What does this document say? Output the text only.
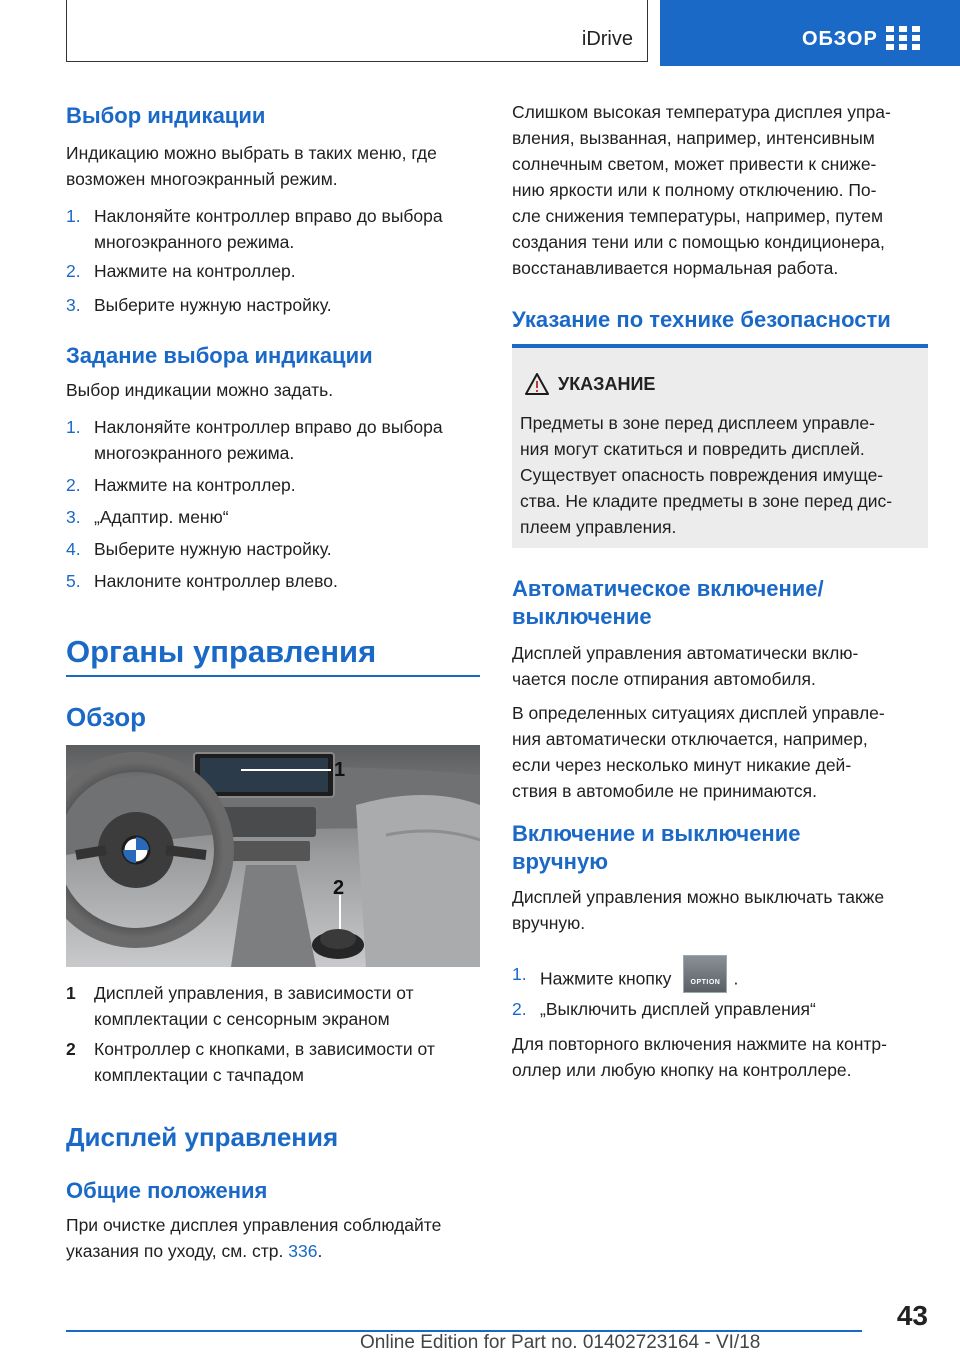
iDrive	ОБЗОР
Выбор индикации

Индикацию можно выбрать в таких меню, где

возможен многоэкранный режим.

1. Наклоняйте контроллер вправо до выбора
многоэкранного режима.
2. Нажмите на контроллер.
3. Выберите нужную настройку.
Задание выбора индикации

Выбор индикации можно задать.

1. Наклоняйте контроллер вправо до выбора
многоэкранного режима.
2. Нажмите на контроллер.
3. „Адаптир. меню“
4. Выберите нужную настройку.
5. Наклоните контроллер влево.
Органы управления
Обзор
1
2
1 Дисплей управления, в зависимости от
комплектации с сенсорным экраном
2 Контроллер с кнопками, в зависимости от
комплектации с тачпадом
Дисплей управления
Общие положения

При очистке дисплея управления соблюдайте

указания по уходу, см. стр. 336.

Слишком высокая температура дисплея упра-

вления, вызванная, например, интенсивным

солнечным светом, может привести к сниже-

нию яркости или к полному отключению. По-

сле снижения температуры, например, путем

создания тени или с помощью кондиционера,

восстанавливается нормальная работа.

Указание по технике безопасности
УКАЗАНИЕ
Предметы в зоне перед дисплеем управле-
ния могут скатиться и повредить дисплей.
Существует опасность повреждения имуще-
ства. Не кладите предметы в зоне перед дис-
плеем управления.
Автоматическое включение/
выключение

Дисплей управления автоматически вклю-

чается после отпирания автомобиля.

В определенных ситуациях дисплей управле-

ния автоматически отключается, например,

если через несколько минут никакие дей-

ствия в автомобиле не принимаются.

Включение и выключение
вручную

Дисплей управления можно выключать также

вручную.

1. Нажмите кнопку	OPTION .
2. „Выключить дисплей управления“

Для повторного включения нажмите на контр-

оллер или любую кнопку на контроллере.

43
Online Edition for Part no. 01402723164 - VI/18
